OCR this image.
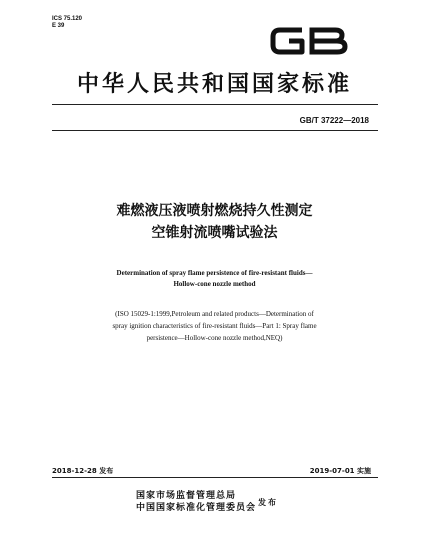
ICS 75.120
E 39
中华人民共和国国家标准
GB/T 37222—2018
难燃液压液喷射燃烧持久性测定
空锥射流喷嘴试验法
Determination of spray flame persistence of fire-resistant fluids—
Hollow-cone nozzle method
(ISO 15029-1:1999,Petroleum and related products—Determination of
spray ignition characteristics of fire-resistant fluids—Part 1: Spray flame
persistence—Hollow-cone nozzle method,NEQ)
2018-12-28 发布	2019-07-01 实施
国家市场监督管理总局
中国国家标准化管理委员会
发布
